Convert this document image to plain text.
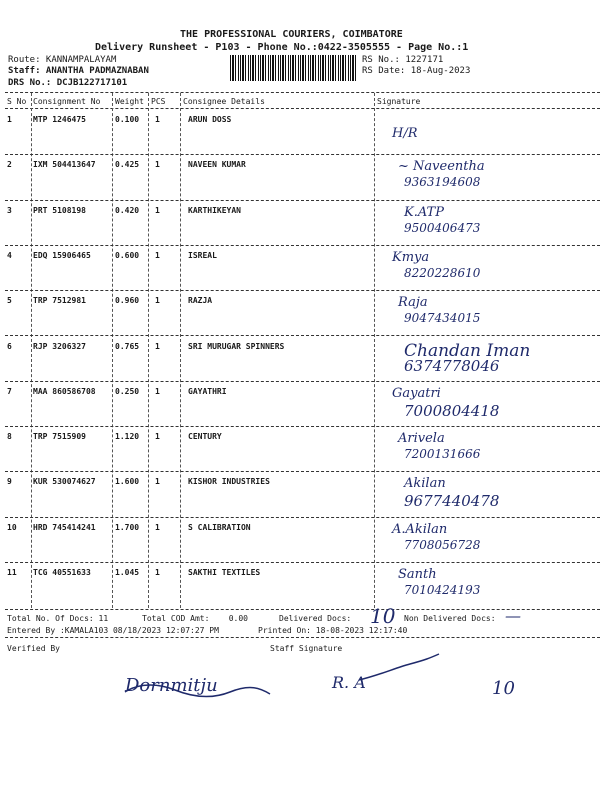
THE PROFESSIONAL COURIERS, COIMBATORE
Delivery Runsheet - P103 - Phone No.:0422-3505555 - Page No.:1
Route: KANNAMPALAYAM
Staff: ANANTHA PADMAZNABAN
DRS No.: DCJB122717101
RS No.: 1227171
RS Date: 18-Aug-2023
S No Consignment No Weight PCS Consignee Details	Signature
1	MTP 1246475	0.100 1	ARUN DOSS
H/R
2	IXM 504413647 0.425 1	NAVEEN KUMAR	~ Naveentha
9363194608
3	PRT 5108198	0.420 1	KARTHIKEYAN	K.ATP
9500406473
4	EDQ 15906465	0.600 1	ISREAL	Kmya
8220228610
5	TRP 7512981	0.960 1	RAZJA	Raja
9047434015
6	RJP 3206327	0.765 1	SRI MURUGAR SPINNERS	Chandan Iman
6374778046
7	MAA 860586708 0.250 1	GAYATHRI	Gayatri
7000804418
8	TRP 7515909	1.120 1	CENTURY	Arivela
7200131666
9	KUR 530074627 1.600 1	KISHOR INDUSTRIES	Akilan
9677440478
10 HRD 745414241 1.700 1	S CALIBRATION	A.Akilan
7708056728
11 TCG 40551633	1.045 1	SAKTHI TEXTILES	Santh
7010424193
Total No. Of Docs: 11	Total COD Amt:    0.00	Delivered Docs: 10 Non Delivered Docs: —
Entered By :KAMALA103 08/18/2023 12:07:27 PM	Printed On: 18-08-2023 12:17:40
Verified By	Staff Signature
Dornmitju	R. A	10
